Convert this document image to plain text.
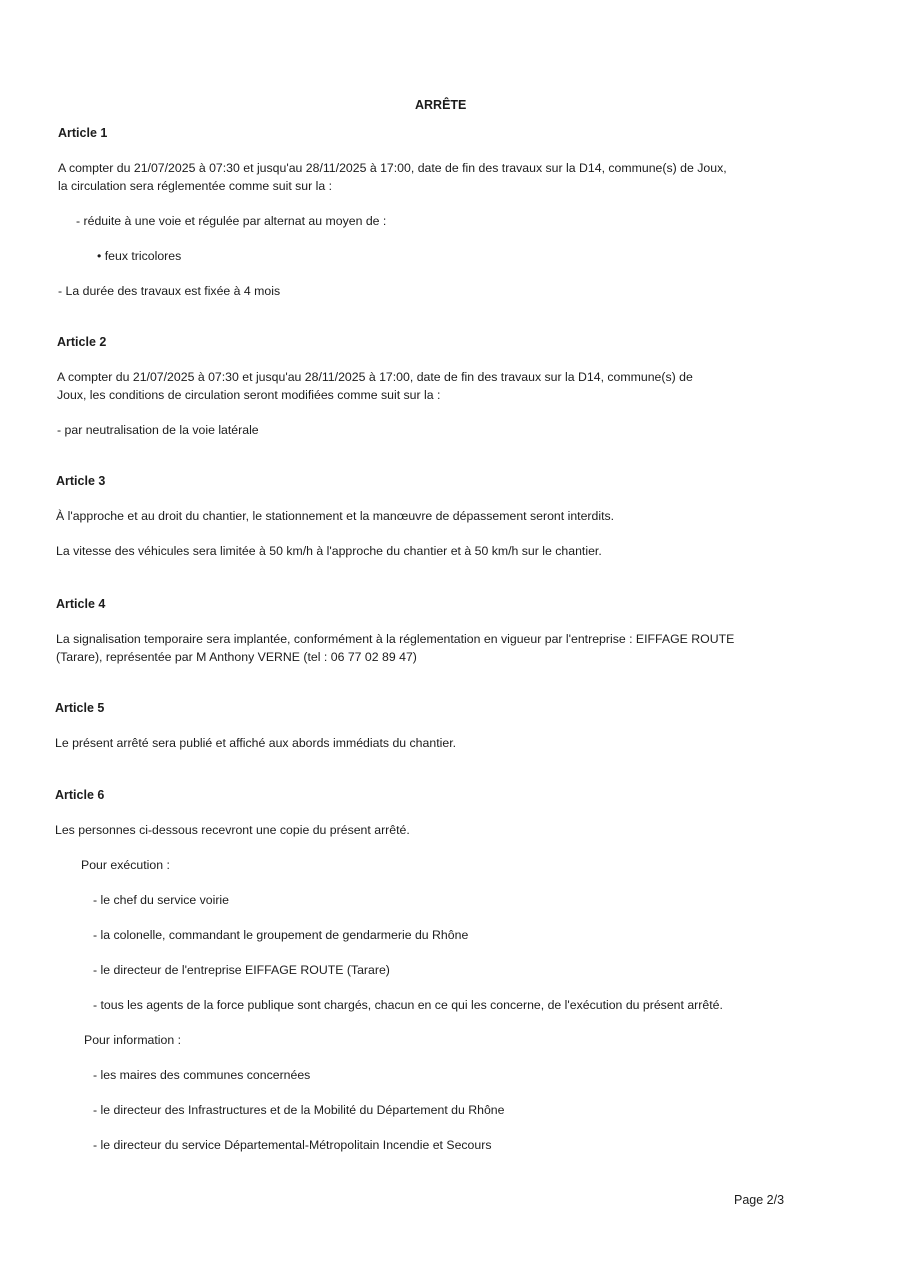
ARRÊTE
Article 1
A compter du 21/07/2025 à 07:30 et jusqu'au 28/11/2025 à 17:00, date de fin des travaux sur la D14, commune(s) de Joux,
la circulation sera réglementée comme suit sur la :
- réduite à une voie et régulée par alternat au moyen de :
• feux tricolores
- La durée des travaux est fixée à 4 mois
Article 2
A compter du 21/07/2025 à 07:30 et jusqu'au 28/11/2025 à 17:00, date de fin des travaux sur la D14, commune(s) de
Joux, les conditions de circulation seront modifiées comme suit sur la :
- par neutralisation de la voie latérale
Article 3
À l'approche et au droit du chantier, le stationnement et la manœuvre de dépassement seront interdits.
La vitesse des véhicules sera limitée à 50 km/h à l'approche du chantier et à 50 km/h sur le chantier.
Article 4
La signalisation temporaire sera implantée, conformément à la réglementation en vigueur par l'entreprise : EIFFAGE ROUTE
(Tarare), représentée par M Anthony VERNE (tel : 06 77 02 89 47)
Article 5
Le présent arrêté sera publié et affiché aux abords immédiats du chantier.
Article 6
Les personnes ci-dessous recevront une copie du présent arrêté.
Pour exécution :
- le chef du service voirie
- la colonelle, commandant le groupement de gendarmerie du Rhône
- le directeur de l'entreprise EIFFAGE ROUTE (Tarare)
- tous les agents de la force publique sont chargés, chacun en ce qui les concerne, de l'exécution du présent arrêté.
Pour information :
- les maires des communes concernées
- le directeur des Infrastructures et de la Mobilité du Département du Rhône
- le directeur du service Départemental-Métropolitain Incendie et Secours
Page 2/3
